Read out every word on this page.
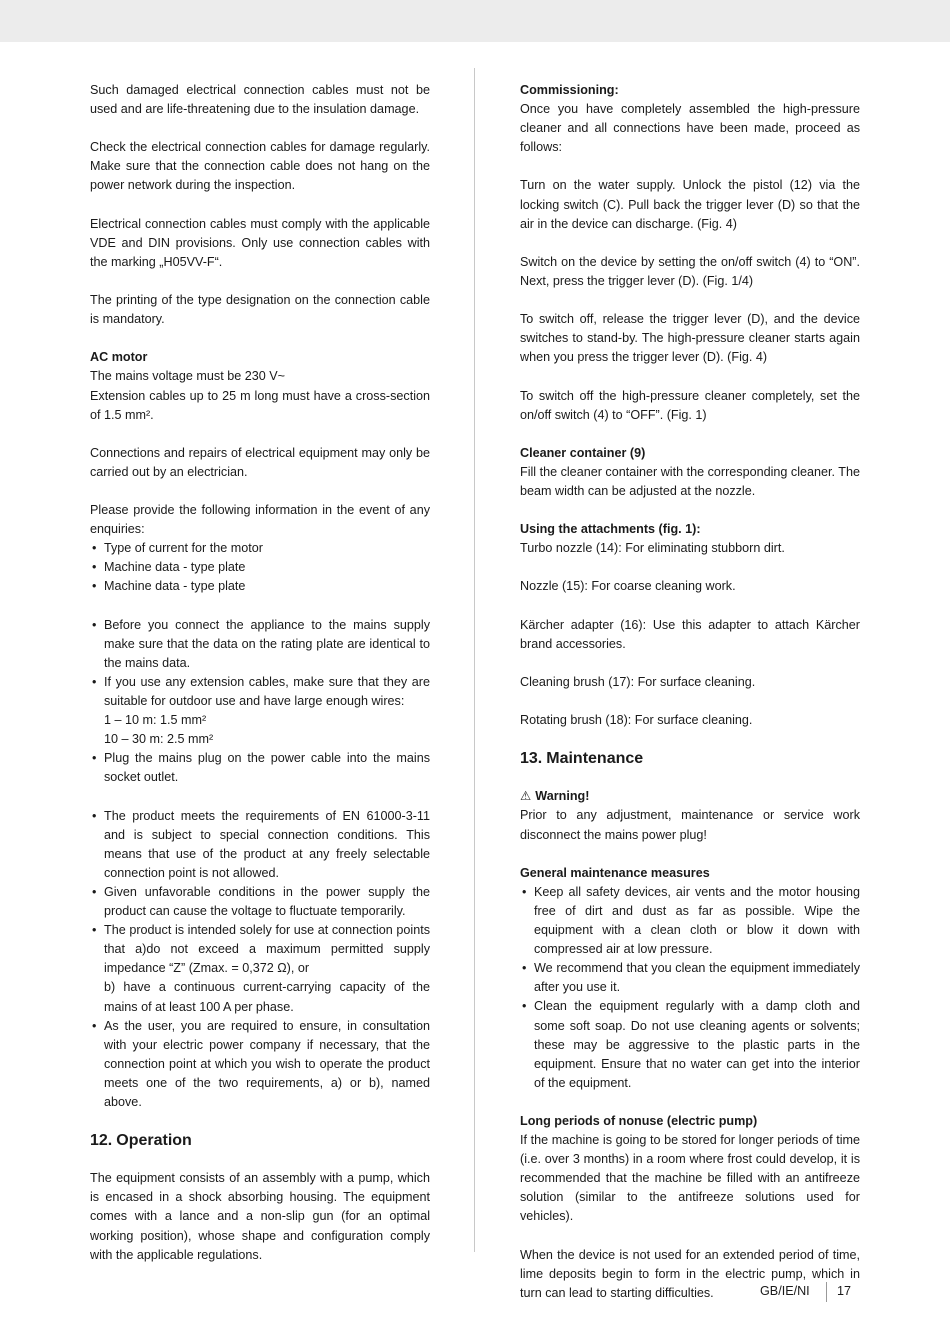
Such damaged electrical connection cables must not be used and are life-threatening due to the insulation damage.

Check the electrical connection cables for damage regularly. Make sure that the connection cable does not hang on the power network during the inspection.

Electrical connection cables must comply with the applicable VDE and DIN provisions. Only use connection cables with the marking „H05VV-F“.

The printing of the type designation on the connection cable is mandatory.

AC motor

The mains voltage must be 230 V~

Extension cables up to 25 m long must have a cross-section of 1.5 mm².

Connections and repairs of electrical equipment may only be carried out by an electrician.

Please provide the following information in the event of any enquiries:

• Type of current for the motor
• Machine data - type plate
• Machine data - type plate
• Before you connect the appliance to the mains supply make sure that the data on the rating plate are identical to the mains data.
• If you use any extension cables, make sure that they are suitable for outdoor use and have large enough wires:
1 – 10 m: 1.5 mm²
10 – 30 m: 2.5 mm²
• Plug the mains plug on the power cable into the mains socket outlet.
• The product meets the requirements of EN 61000-3-11 and is subject to special connection conditions. This means that use of the product at any freely selectable connection point is not allowed.
• Given unfavorable conditions in the power supply the product can cause the voltage to fluctuate temporarily.
• The product is intended solely for use at connection points that a)do not exceed a maximum permitted supply impedance “Z” (Zmax. = 0,372 Ω), or
b) have a continuous current-carrying capacity of the mains of at least 100 A per phase.
• As the user, you are required to ensure, in consultation with your electric power company if necessary, that the connection point at which you wish to operate the product meets one of the two requirements, a) or b), named above.
12. Operation

The equipment consists of an assembly with a pump, which is encased in a shock absorbing housing. The equipment comes with a lance and a non-slip gun (for an optimal working position), whose shape and configuration comply with the applicable regulations.

Commissioning:

Once you have completely assembled the high-pressure cleaner and all connections have been made, proceed as follows:

Turn on the water supply. Unlock the pistol (12) via the locking switch (C). Pull back the trigger lever (D) so that the air in the device can discharge. (Fig. 4)

Switch on the device by setting the on/off switch (4) to “ON”. Next, press the trigger lever (D). (Fig. 1/4)

To switch off, release the trigger lever (D), and the device switches to stand-by. The high-pressure cleaner starts again when you press the trigger lever (D). (Fig. 4)

To switch off the high-pressure cleaner completely, set the on/off switch (4) to “OFF”. (Fig. 1)

Cleaner container (9)

Fill the cleaner container with the corresponding cleaner. The beam width can be adjusted at the nozzle.

Using the attachments (fig. 1):

Turbo nozzle (14): For eliminating stubborn dirt.

Nozzle (15): For coarse cleaning work.

Kärcher adapter (16): Use this adapter to attach Kärcher brand accessories.

Cleaning brush (17): For surface cleaning.

Rotating brush (18): For surface cleaning.

13. Maintenance
⚠ Warning!

Prior to any adjustment, maintenance or service work disconnect the mains power plug!

General maintenance measures
• Keep all safety devices, air vents and the motor housing free of dirt and dust as far as possible. Wipe the equipment with a clean cloth or blow it down with compressed air at low pressure.
• We recommend that you clean the equipment immediately after you use it.
• Clean the equipment regularly with a damp cloth and some soft soap. Do not use cleaning agents or solvents; these may be aggressive to the plastic parts in the equipment. Ensure that no water can get into the interior of the equipment.
Long periods of nonuse (electric pump)

If the machine is going to be stored for longer periods of time (i.e. over 3 months) in a room where frost could develop, it is recommended that the machine be filled with an antifreeze solution (similar to the antifreeze solutions used for vehicles).

When the device is not used for an extended period of time, lime deposits begin to form in the electric pump, which in turn can lead to starting difficulties.	GB/IE/NI 17
